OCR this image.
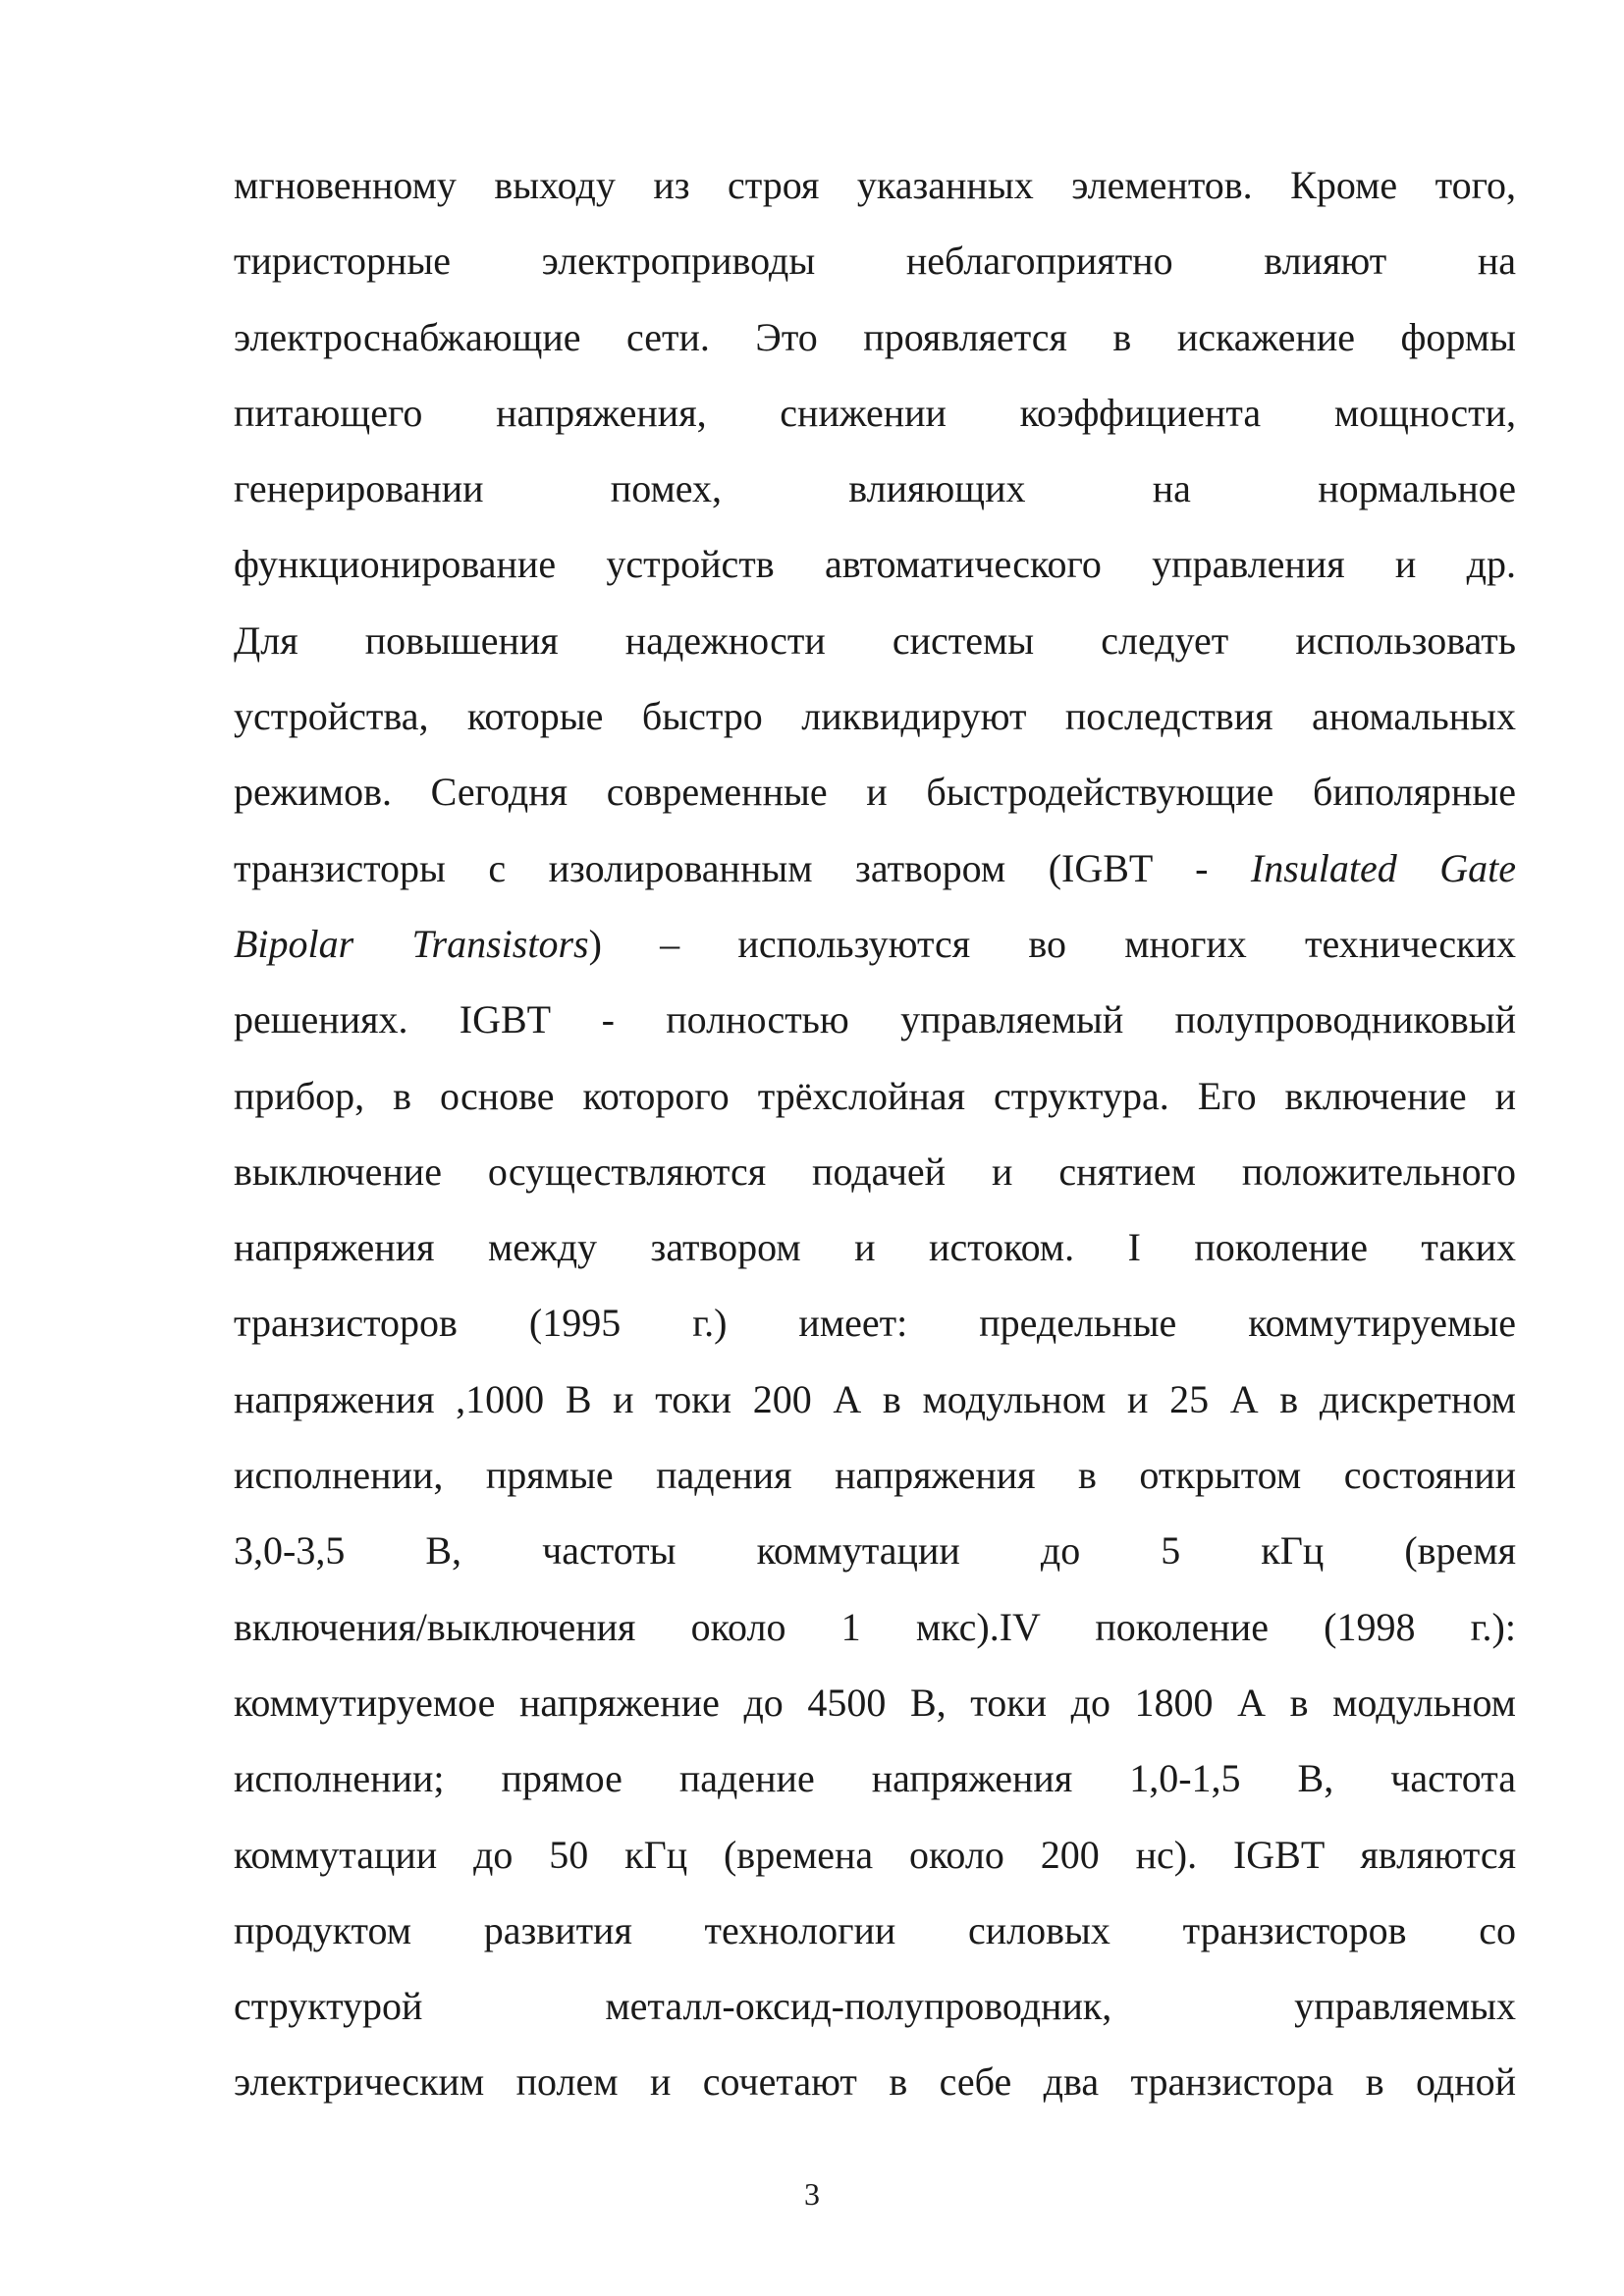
мгновенному выходу из строя указанных элементов. Кроме того,
тиристорные электроприводы неблагоприятно влияют на
электроснабжающие сети. Это проявляется в искажение формы
питающего напряжения, снижении коэффициента мощности,
генерировании помех, влияющих на нормальное
функционирование устройств автоматического управления и др.
Для повышения надежности системы следует использовать
устройства, которые быстро ликвидируют последствия аномальных
режимов. Сегодня современные и быстродействующие биполярные
транзисторы с изолированным затвором (IGBT - Insulated Gate
Bipolar Transistors) – используются во многих технических
решениях. IGBT - полностью управляемый полупроводниковый
прибор, в основе которого трёхслойная структура. Его включение и
выключение осуществляются подачей и снятием положительного
напряжения между затвором и истоком. I поколение таких
транзисторов (1995 г.) имеет: предельные коммутируемые
напряжения ,1000 В и токи 200 А в модульном и 25 А в дискретном
исполнении, прямые падения напряжения в открытом состоянии
3,0-3,5 В, частоты коммутации до 5 кГц (время
включения/выключения около 1 мкс).IV поколение (1998 г.):
коммутируемое напряжение до 4500 В, токи до 1800 А в модульном
исполнении; прямое падение напряжения 1,0-1,5 В, частота
коммутации до 50 кГц (времена около 200 нс). IGBT являются
продуктом развития технологии силовых транзисторов со
структурой металл-оксид-полупроводник, управляемых
электрическим полем и сочетают в себе два транзистора в одной
3
